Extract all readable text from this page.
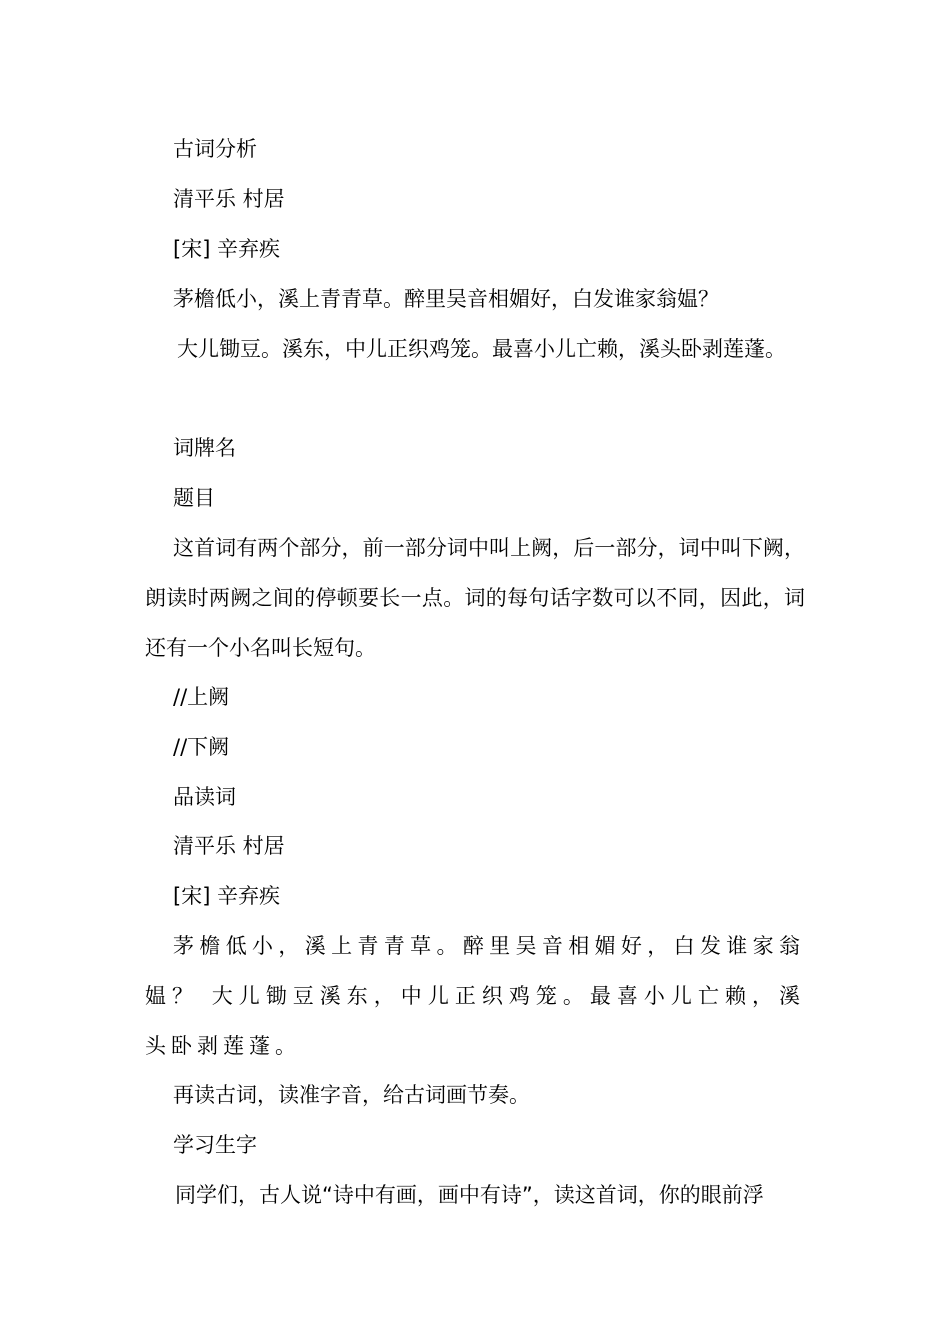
古词分析

清平乐 村居

[宋] 辛弃疾

茅檐低小，溪上青青草。醉里吴音相媚好，白发谁家翁媪？

大儿锄豆。溪东，中儿正织鸡笼。最喜小儿亡赖，溪头卧剥莲蓬。

词牌名

题目

这首词有两个部分，前一部分词中叫上阙，后一部分，词中叫下阙，朗读时两阙之间的停顿要长一点。词的每句话字数可以不同，因此，词还有一个小名叫长短句。

//上阙

//下阙

品读词

清平乐 村居

[宋] 辛弃疾

茅檐低小，溪上青青草。醉里吴音相媚好，白发谁家翁媪？ 大儿锄豆溪东，中儿正织鸡笼。最喜小儿亡赖，溪头卧剥莲蓬。

再读古词，读准字音，给古词画节奏。

学习生字

同学们，古人说“诗中有画，画中有诗”，读这首词，你的眼前浮
